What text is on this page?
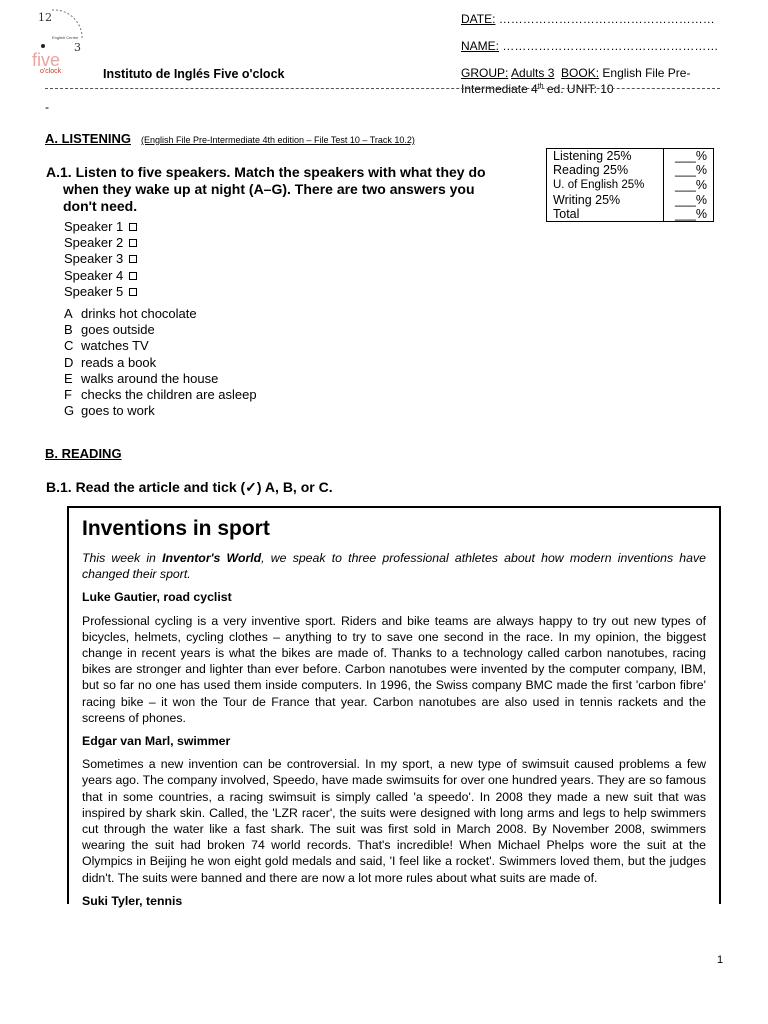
12
3
English Centre
five
o'clock	Instituto de Inglés Five o'clock
DATE: ………………………………………………
NAME: ………………………………………………
GROUP: Adults 3 BOOK: English File Pre-
Intermediate 4th ed. UNIT: 10
-
A. LISTENING (English File Pre-Intermediate 4th edition – File Test 10 – Track 10.2)
A.1. Listen to five speakers. Match the speakers with what they do
when they wake up at night (A–G). There are two answers you
don't need.
Listening 25%	___%
Reading 25%	___%
U. of English 25%	___%
Writing 25%	___%
Total	___%
Speaker 1
Speaker 2
Speaker 3
Speaker 4
Speaker 5
A drinks hot chocolate
B goes outside
C watches TV
D reads a book
E walks around the house
F checks the children are asleep
G goes to work
B. READING
B.1. Read the article and tick (✓) A, B, or C.
Inventions in sport
This week in Inventor's World, we speak to three professional athletes about how modern inventions have changed their sport.
Luke Gautier, road cyclist
Professional cycling is a very inventive sport. Riders and bike teams are always happy to try out new types of bicycles, helmets, cycling clothes – anything to try to save one second in the race. In my opinion, the biggest change in recent years is what the bikes are made of. Thanks to a technology called carbon nanotubes, racing bikes are stronger and lighter than ever before. Carbon nanotubes were invented by the computer company, IBM, but so far no one has used them inside computers. In 1996, the Swiss company BMC made the first 'carbon fibre' racing bike – it won the Tour de France that year. Carbon nanotubes are also used in tennis rackets and the screens of phones.
Edgar van Marl, swimmer
Sometimes a new invention can be controversial. In my sport, a new type of swimsuit caused problems a few years ago. The company involved, Speedo, have made swimsuits for over one hundred years. They are so famous that in some countries, a racing swimsuit is simply called 'a speedo'. In 2008 they made a new suit that was inspired by shark skin. Called, the 'LZR racer', the suits were designed with long arms and legs to help swimmers cut through the water like a fast shark. The suit was first sold in March 2008. By November 2008, swimmers wearing the suit had broken 74 world records. That's incredible! When Michael Phelps wore the suit at the Olympics in Beijing he won eight gold medals and said, 'I feel like a rocket'. Swimmers loved them, but the judges didn't. The suits were banned and there are now a lot more rules about what suits are made of.
Suki Tyler, tennis
1
